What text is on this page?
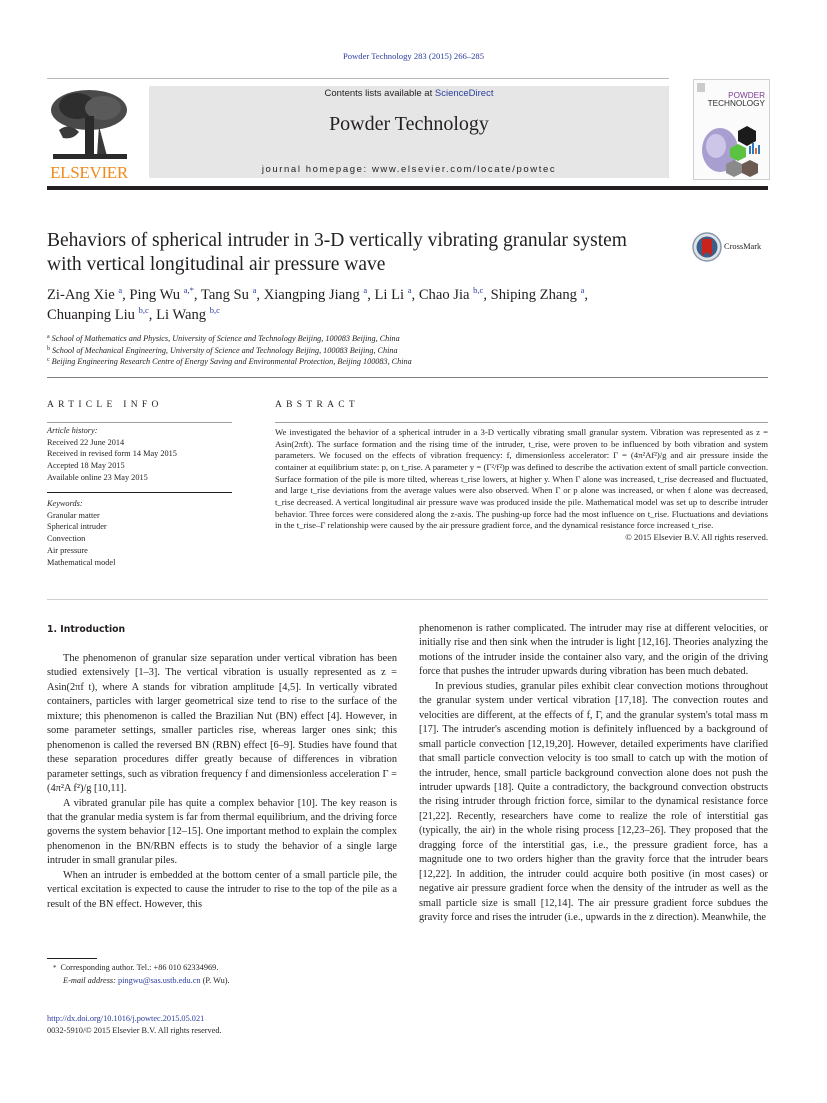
Powder Technology 283 (2015) 266–285
ELSEVIER
Contents lists available at ScienceDirect
Powder Technology
journal homepage: www.elsevier.com/locate/powtec
POWDER
TECHNOLOGY
Behaviors of spherical intruder in 3-D vertically vibrating granular system with vertical longitudinal air pressure wave
CrossMark
Zi-Ang Xie $^a$, Ping Wu $^{a,*}$, Tang Su $^a$, Xiangping Jiang $^a$, Li Li $^a$, Chao Jia $^{b,c}$, Shiping Zhang $^a$,
Chuanping Liu $^{b,c}$, Li Wang $^{b,c}$
$^a$ School of Mathematics and Physics, University of Science and Technology Beijing, 100083 Beijing, China
$^b$ School of Mechanical Engineering, University of Science and Technology Beijing, 100083 Beijing, China
$^c$ Beijing Engineering Research Centre of Energy Saving and Environmental Protection, Beijing 100083, China
ARTICLE INFO
Article history:
Received 22 June 2014
Received in revised form 14 May 2015
Accepted 18 May 2015
Available online 23 May 2015
Keywords:
Granular matter
Spherical intruder
Convection
Air pressure
Mathematical model
ABSTRACT
We investigated the behavior of a spherical intruder in a 3-D vertically vibrating small granular system. Vibration was represented as z = Asin(2πft). The surface formation and the rising time of the intruder, t_rise, were proven to be influenced by both vibration and system parameters. We focused on the effects of vibration frequency: f, dimensionless accelerator: Γ = (4π²Af²)/g and air pressure inside the container at equilibrium state: p, on t_rise. A parameter y = (Γ²/f²)p was defined to describe the activation extent of small particle convection. Surface formation of the pile is more tilted, whereas t_rise lowers, at higher y. When Γ alone was increased, t_rise decreased and fluctuated, and large t_rise deviations from the average values were also observed. When Γ or p alone was increased, or when f alone was decreased, t_rise decreased. A vertical longitudinal air pressure wave was produced inside the pile. Mathematical model was set up to describe intruder behavior. Three forces were considered along the z-axis. The pushing-up force had the most influence on t_rise. Fluctuations and deviations in the t_rise–Γ relationship were caused by the air pressure gradient force, and the dynamical resistance force increased t_rise.
© 2015 Elsevier B.V. All rights reserved.
1. Introduction

The phenomenon of granular size separation under vertical vibration has been studied extensively [1–3]. The vertical vibration is usually represented as z = Asin(2πf t), where A stands for vibration amplitude [4,5]. In vertically vibrated containers, particles with larger geometrical size tend to rise to the surface of the mixture; this phenomenon is called the Brazilian Nut (BN) effect [4]. However, in some parameter settings, smaller particles rise, whereas larger ones sink; this phenomenon is called the reversed BN (RBN) effect [6–9]. Studies have found that these separation procedures differ greatly because of differences in vibration parameter settings, such as vibration frequency f and dimensionless acceleration Γ = (4π²A f²)/g [10,11].

A vibrated granular pile has quite a complex behavior [10]. The key reason is that the granular media system is far from thermal equilibrium, and the driving force governs the system behavior [12–15]. One important method to explain the complex phenomenon in the BN/RBN effects is to study the behavior of a single large intruder in small granular piles.

When an intruder is embedded at the bottom center of a small particle pile, the vertical excitation is expected to cause the intruder to rise to the top of the pile as a result of the BN effect. However, this

phenomenon is rather complicated. The intruder may rise at different velocities, or initially rise and then sink when the intruder is light [12,16]. Theories analyzing the motions of the intruder inside the container also vary, and the origin of the driving force that pushes the intruder upwards during vibration has been much debated.

In previous studies, granular piles exhibit clear convection motions throughout the granular system under vertical vibration [17,18]. The convection routes and velocities are different, at the effects of f, Γ, and the granular system's total mass m [17]. The intruder's ascending motion is definitely influenced by a background of small particle convection [12,19,20]. However, detailed experiments have clarified that small particle convection velocity is too small to catch up with the motion of the intruder, hence, small particle background convection alone does not push the intruder upwards [18]. Quite a contradictory, the background convection obstructs the rising intruder through friction force, similar to the dynamical resistance force [21,22]. Recently, researchers have come to realize the role of interstitial gas (typically, the air) in the whole rising process [12,23–26]. They proposed that the dragging force of the interstitial gas, i.e., the pressure gradient force, has a magnitude one to two orders higher than the gravity force that the intruder bears [12,22]. In addition, the intruder could acquire both positive (in most cases) or negative air pressure gradient force when the density of the intruder as well as the small particle size is small [12,14]. The air pressure gradient force subdues the gravity force and rises the intruder (i.e., upwards in the z direction). Meanwhile, the

* Corresponding author. Tel.: +86 010 62334969.
E-mail address: pingwu@sas.ustb.edu.cn (P. Wu).
http://dx.doi.org/10.1016/j.powtec.2015.05.021
0032-5910/© 2015 Elsevier B.V. All rights reserved.
